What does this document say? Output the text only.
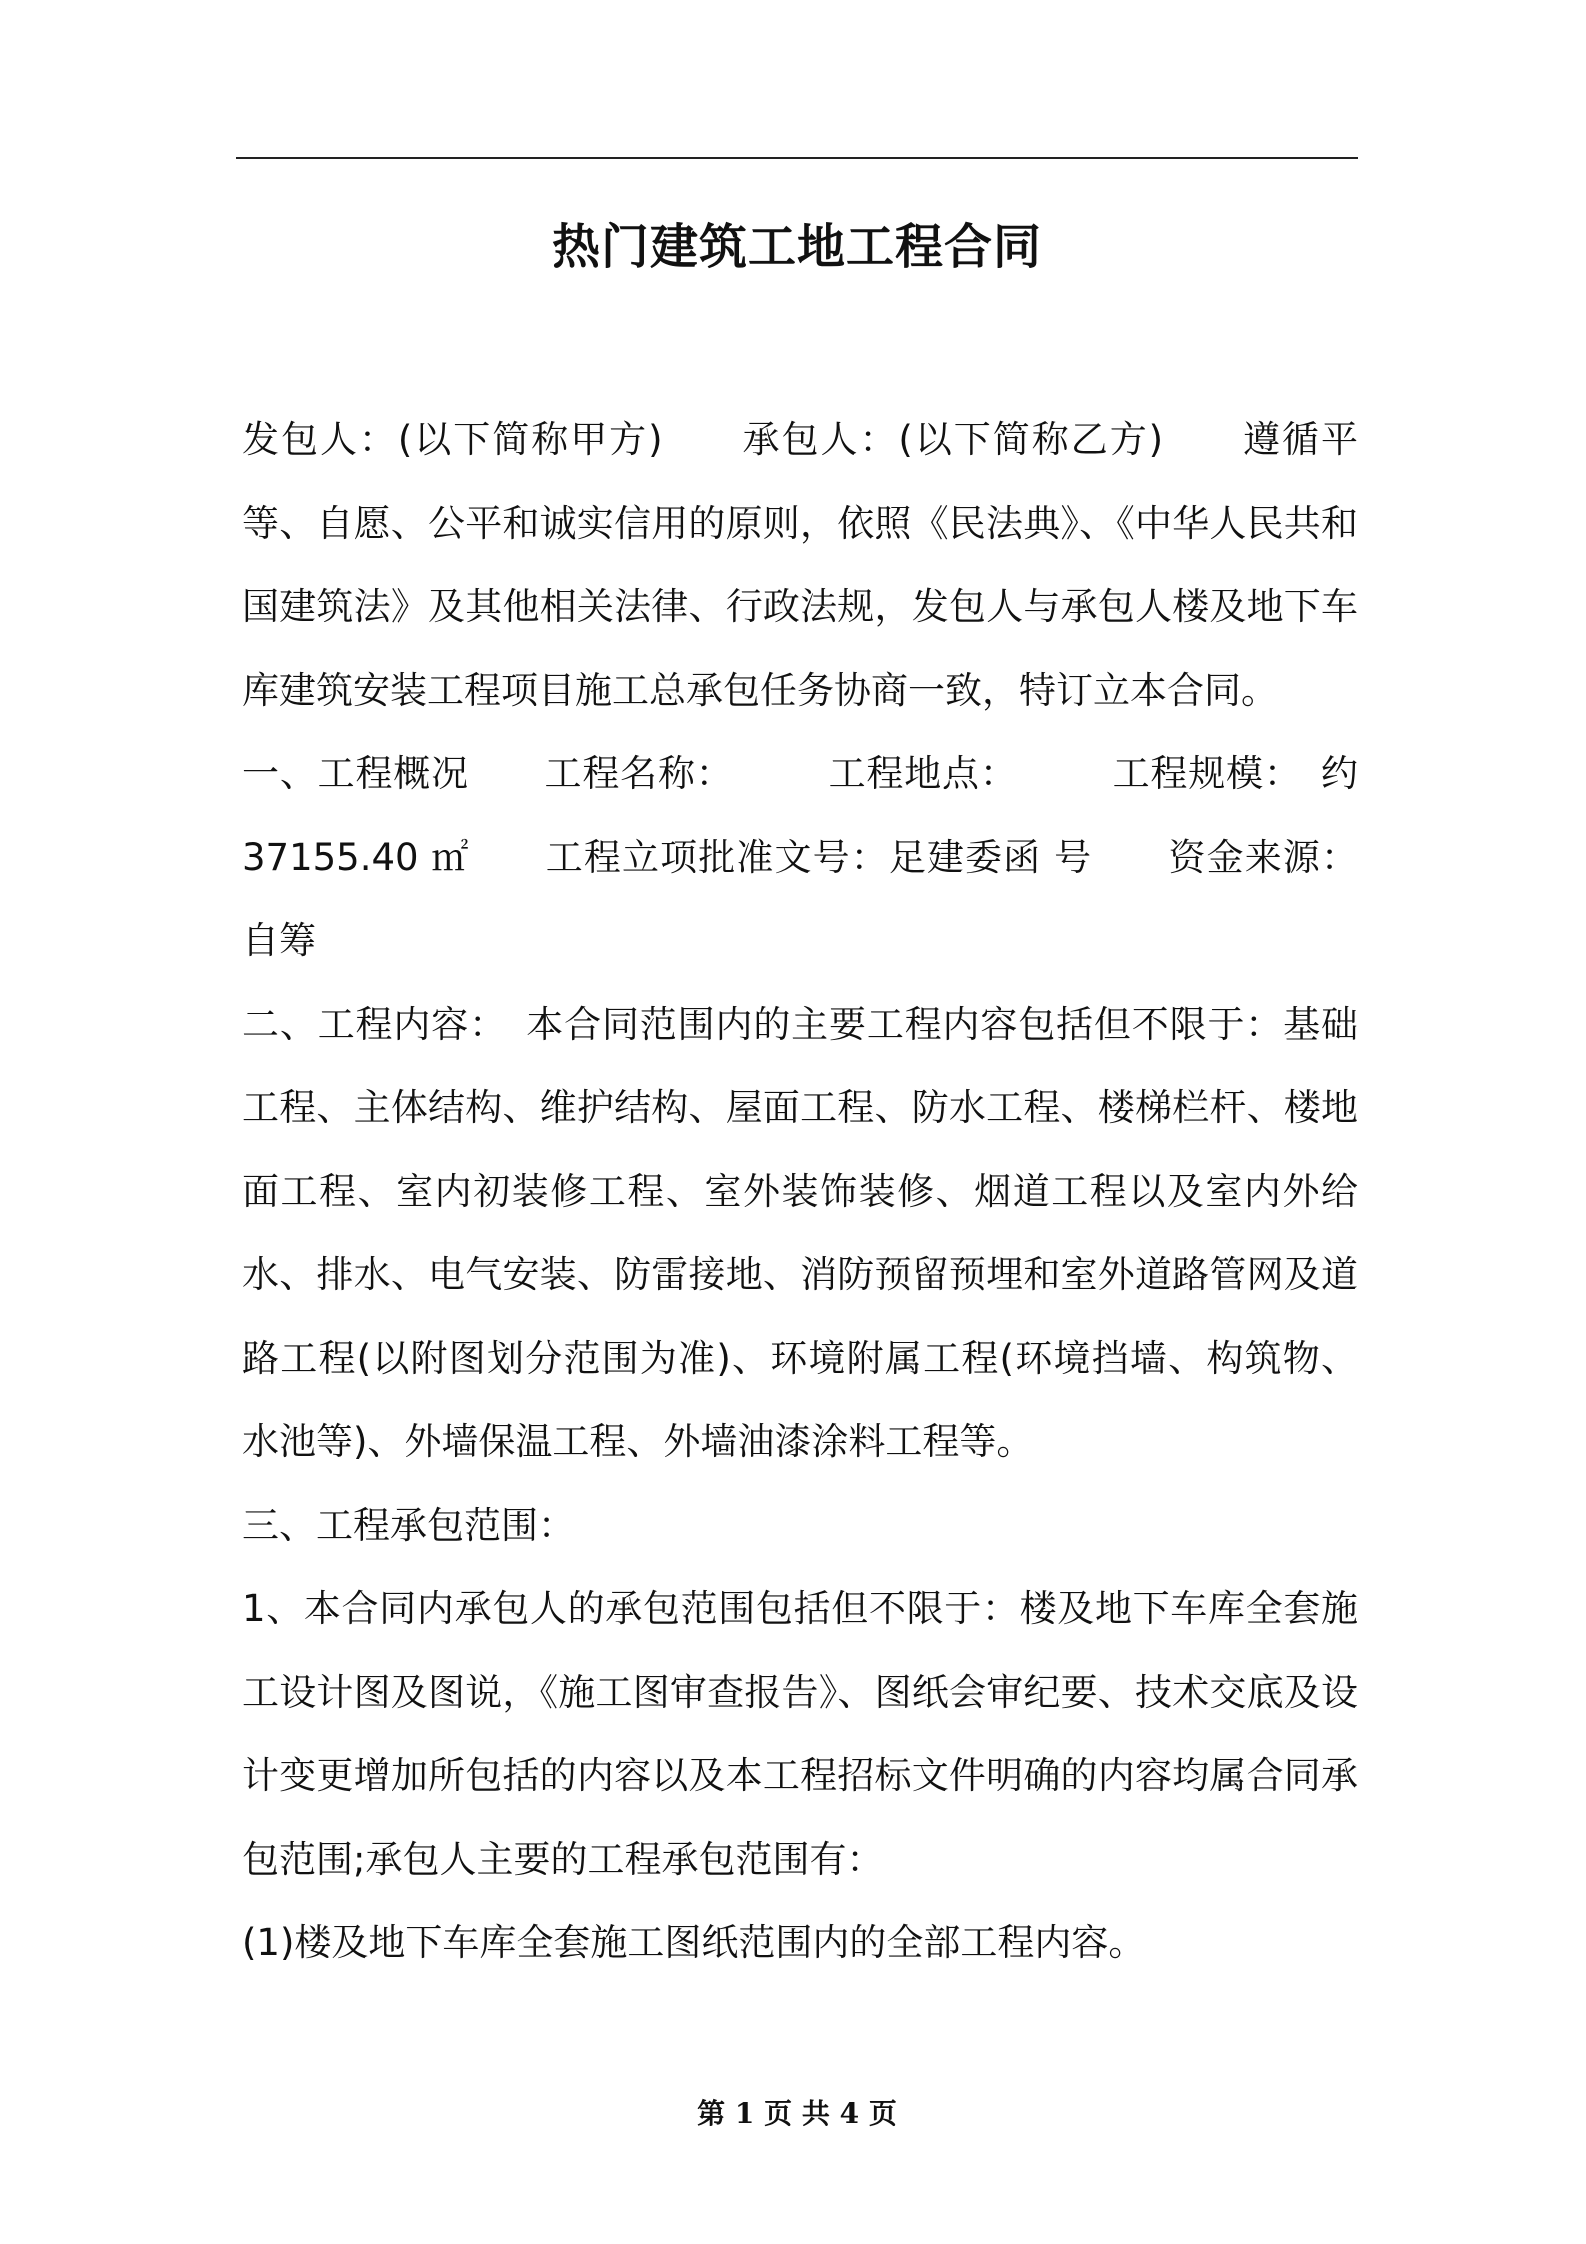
热门建筑工地工程合同

发包人：(以下简称甲方)　　承包人：(以下简称乙方)　　遵循平等、自愿、公平和诚实信用的原则，依照《民法典》、《中华人民共和国建筑法》及其他相关法律、行政法规，发包人与承包人楼及地下车库建筑安装工程项目施工总承包任务协商一致，特订立本合同。

一、工程概况　　工程名称：　　　工程地点：　　　工程规模：　约37155.40 ㎡　　工程立项批准文号：足建委函 号　　资金来源：自筹

二、工程内容：　本合同范围内的主要工程内容包括但不限于：基础工程、主体结构、维护结构、屋面工程、防水工程、楼梯栏杆、楼地面工程、室内初装修工程、室外装饰装修、烟道工程以及室内外给水、排水、电气安装、防雷接地、消防预留预埋和室外道路管网及道路工程(以附图划分范围为准)、环境附属工程(环境挡墙、构筑物、水池等)、外墙保温工程、外墙油漆涂料工程等。

三、工程承包范围：

1、本合同内承包人的承包范围包括但不限于：楼及地下车库全套施工设计图及图说，《施工图审查报告》、图纸会审纪要、技术交底及设计变更增加所包括的内容以及本工程招标文件明确的内容均属合同承包范围;承包人主要的工程承包范围有：

(1)楼及地下车库全套施工图纸范围内的全部工程内容。

第 1 页 共 4 页
